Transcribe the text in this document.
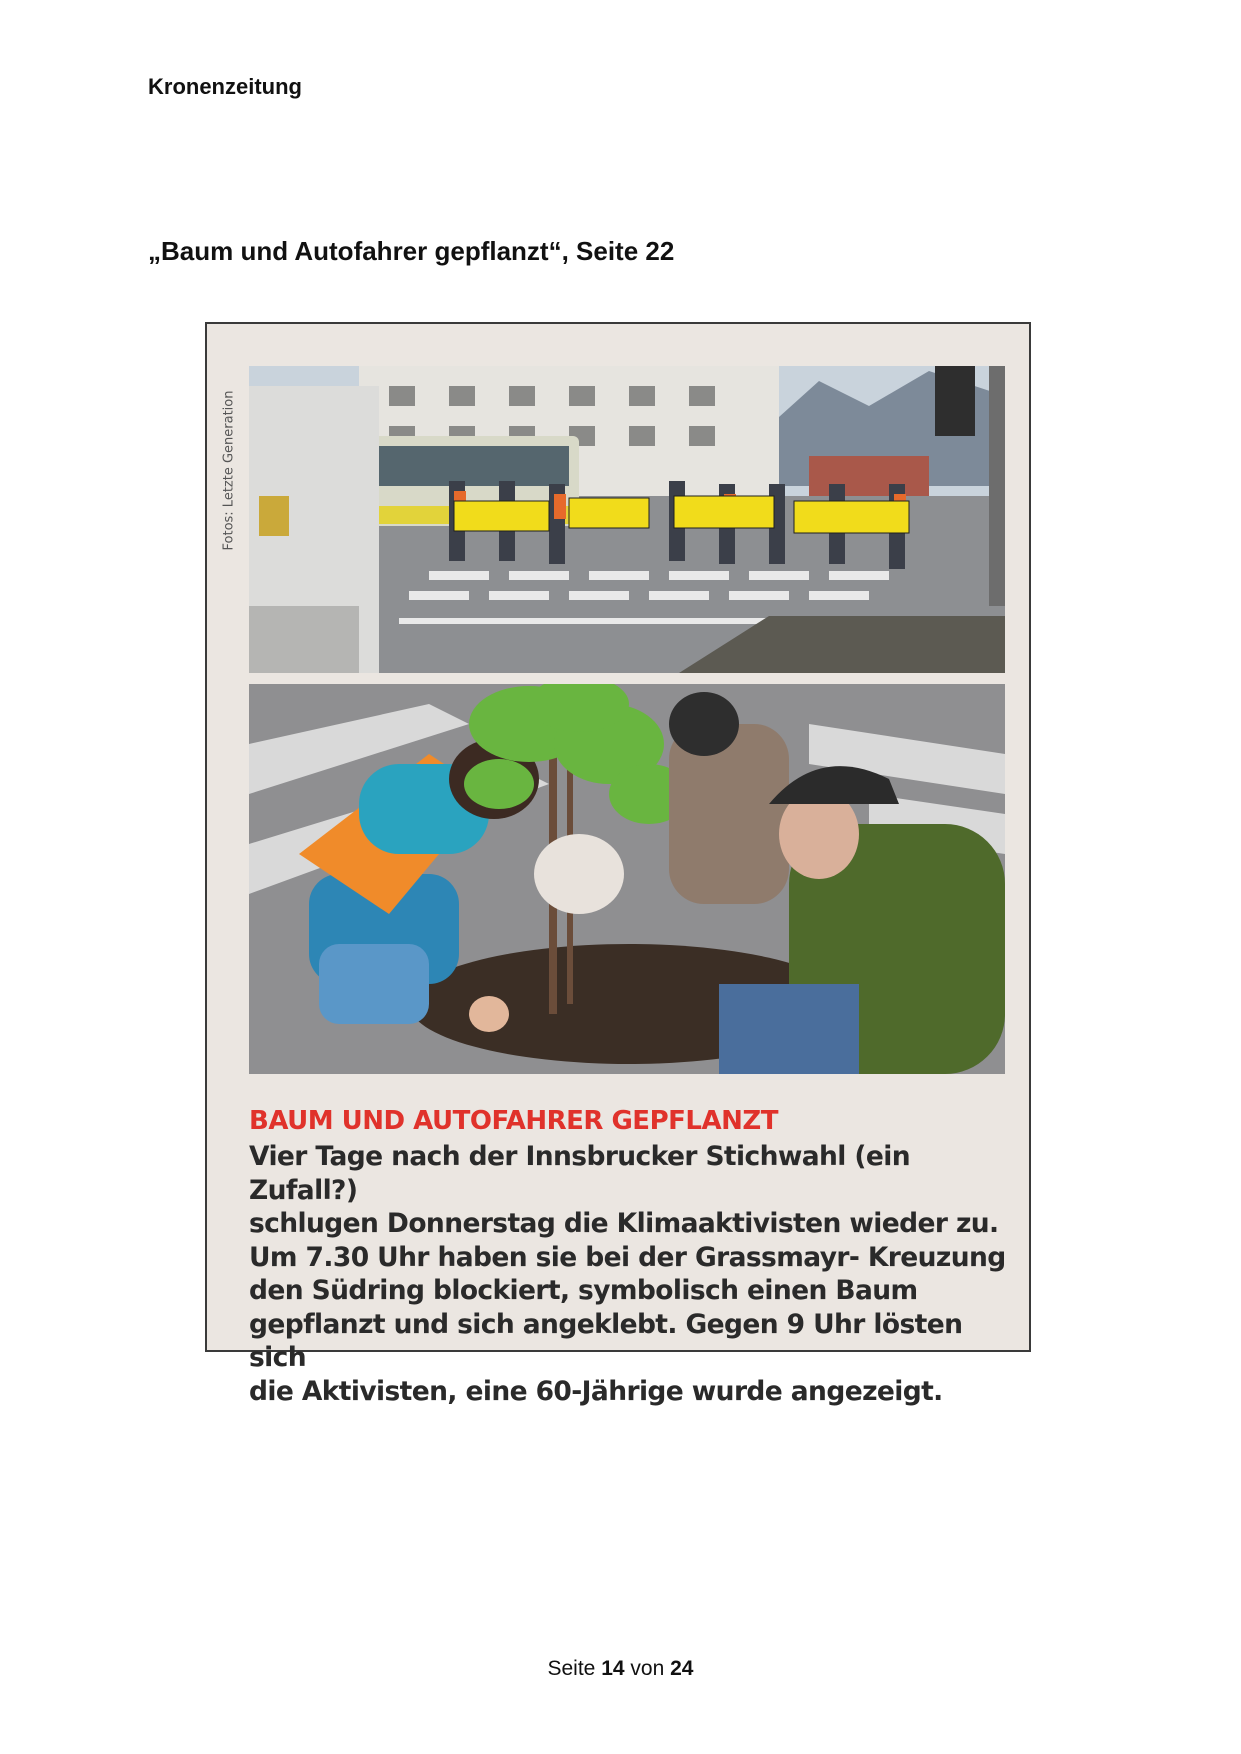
Kronenzeitung
„Baum und Autofahrer gepflanzt“, Seite 22
Fotos: Letzte Generation
BAUM UND AUTOFAHRER GEPFLANZT
Vier Tage nach der Innsbrucker Stichwahl (ein Zufall?)
schlugen Donnerstag die Klimaaktivisten wieder zu.
Um 7.30 Uhr haben sie bei der Grassmayr- Kreuzung
den Südring blockiert, symbolisch einen Baum
gepflanzt und sich angeklebt. Gegen 9 Uhr lösten sich
die Aktivisten, eine 60-Jährige wurde angezeigt.
Seite 14 von 24
